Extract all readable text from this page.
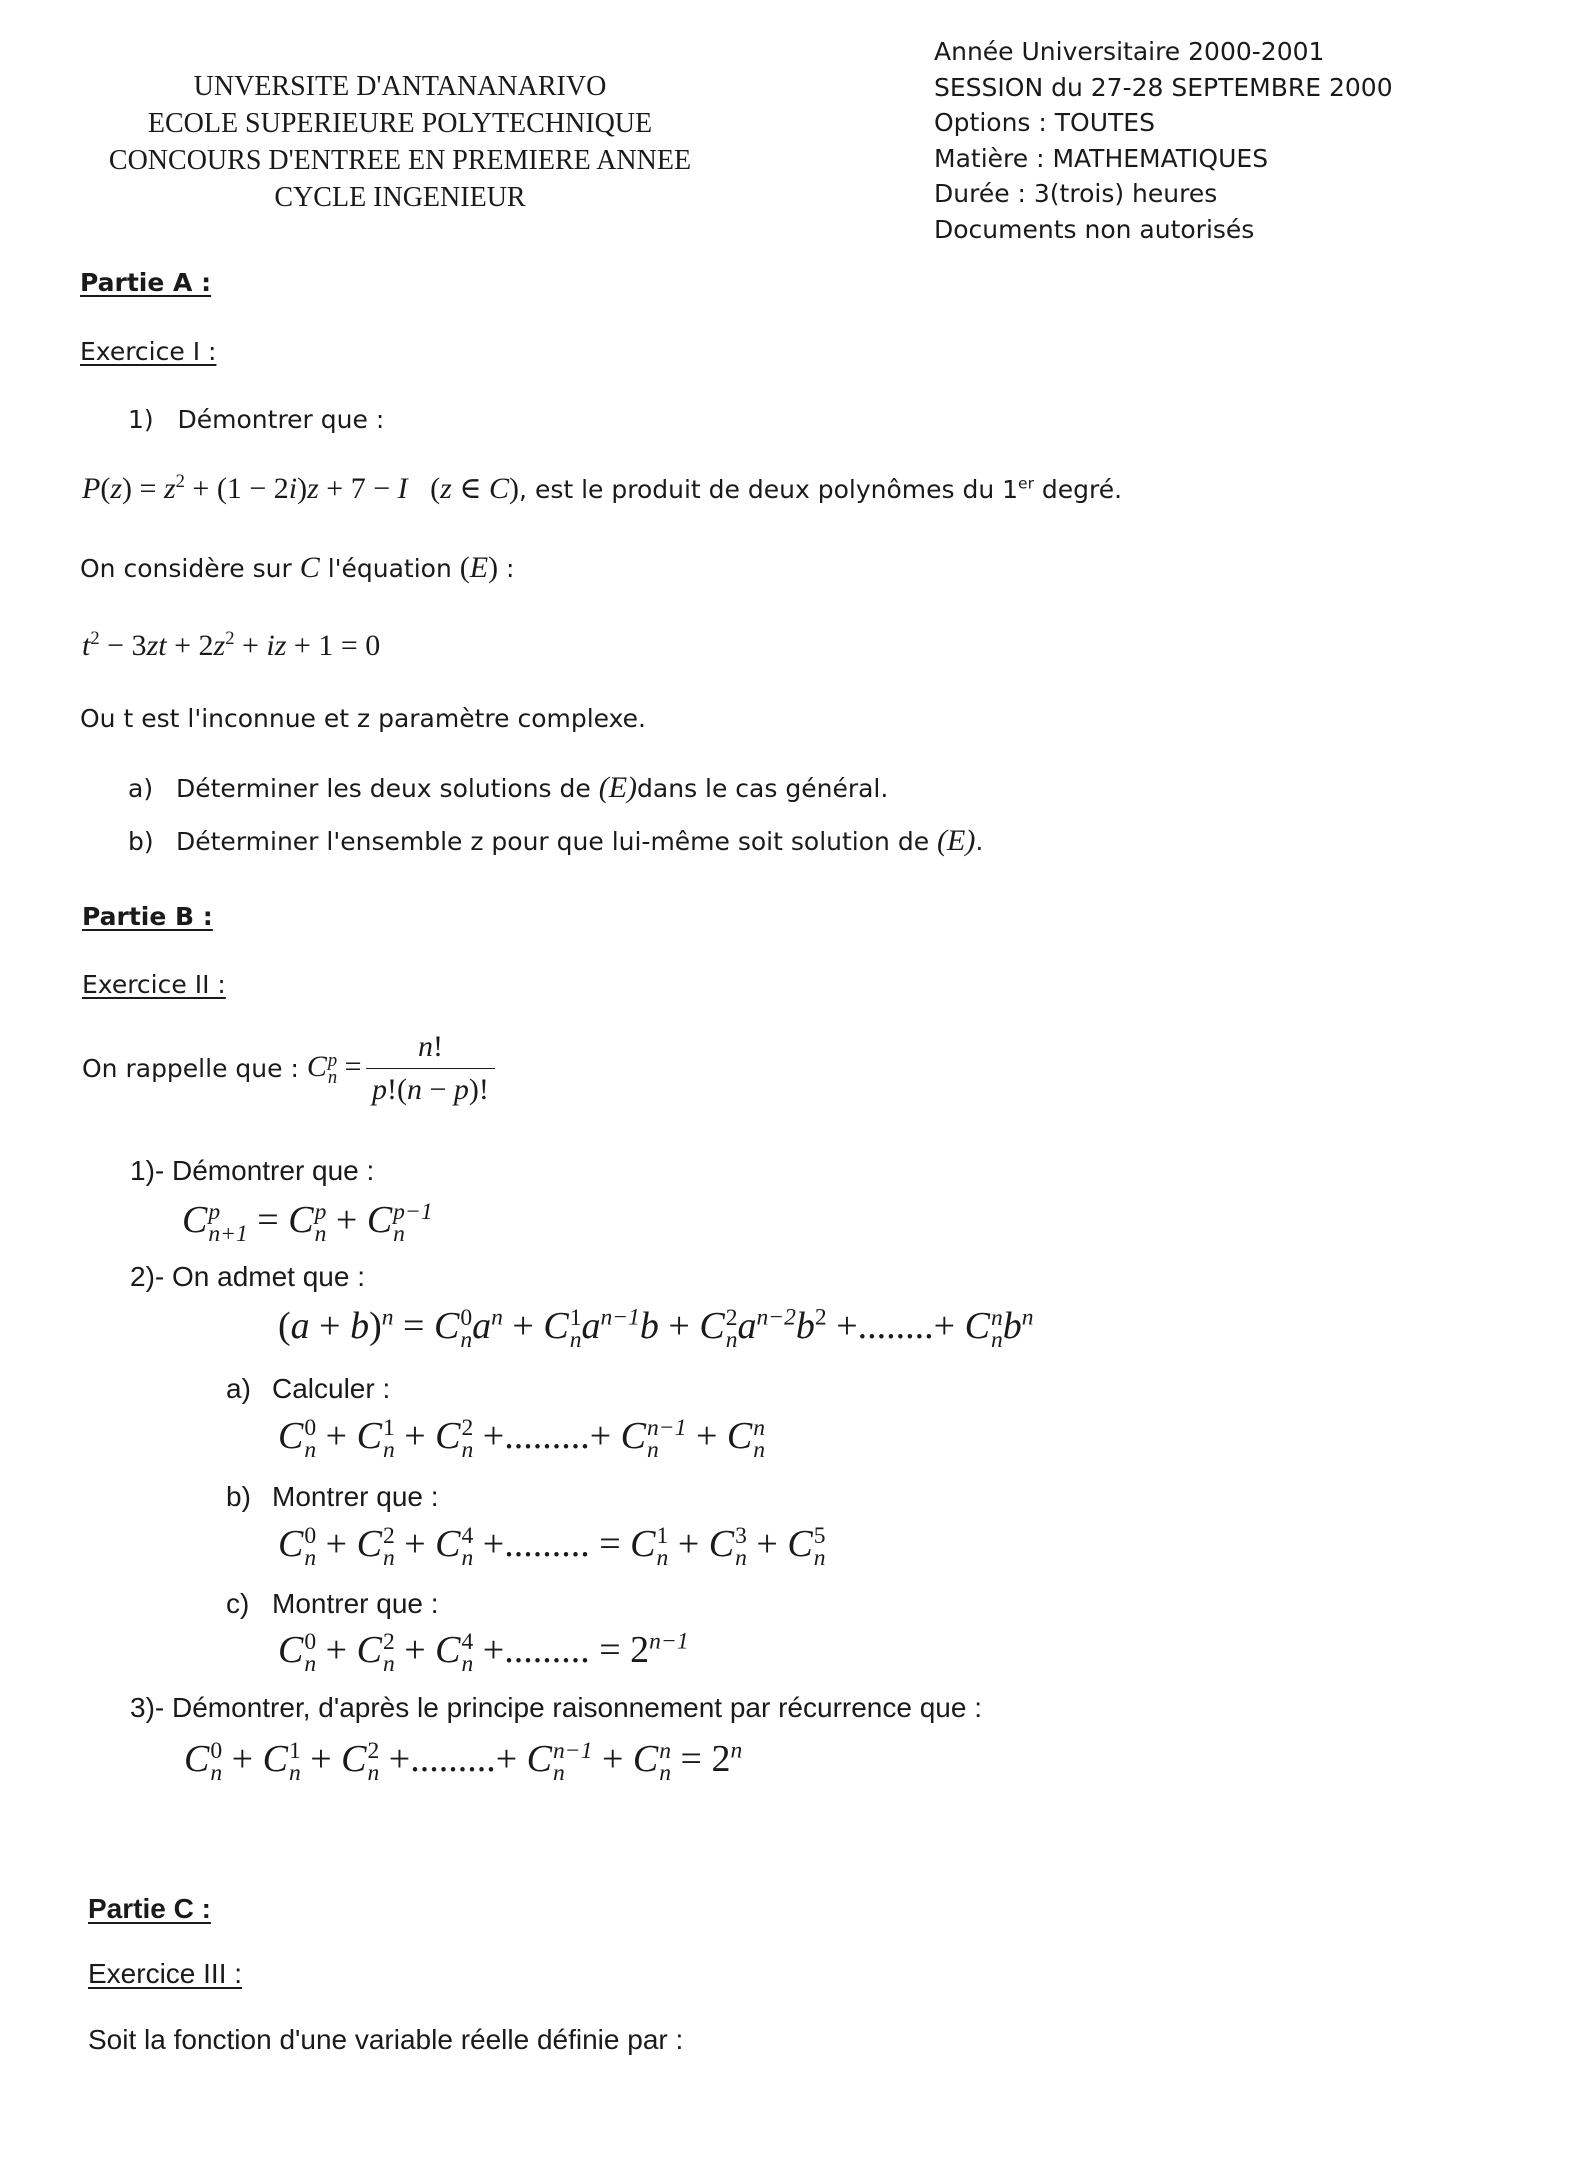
UNVERSITE D'ANTANANARIVO
ECOLE SUPERIEURE POLYTECHNIQUE
CONCOURS D'ENTREE EN PREMIERE ANNEE
CYCLE INGENIEUR
Année Universitaire 2000-2001
SESSION du 27-28 SEPTEMBRE 2000
Options : TOUTES
Matière : MATHEMATIQUES
Durée : 3(trois) heures
Documents non autorisés
Partie A :
Exercice I :
1) Démontrer que :
$P(z) = z^2 + (1 - 2i)z + 7 - I$   (z ∈ C), est le produit de deux polynômes du 1er degré.
On considère sur C l'équation (E) :
$t^2 - 3zt + 2z^2$ + iz + 1 = 0
Ou t est l'inconnue et z paramètre complexe.
a) Déterminer les deux solutions de (E)dans le cas général.
b) Déterminer l'ensemble z pour que lui-même soit solution de (E).
Partie B :
Exercice II :
On rappelle que : C p
$n = \frac{n!}{p!(n - p)!}$
1)- Démontrer que :
C p
n+1 = C p
n + C p−1
n
2)- On admet que :
$(a + b)^n = C$ 0
n $a^n + C$ 1
n $a^{n-1}b + C$ 2
n $a^{n-2}b^2$ +........+ C n
n $b^n$
a) Calculer :
C 0
n + C 1
n + C 2
n +.........+ C n−1
n + C n
n
b) Montrer que :
C 0
n + C 2
n + C 4
n +......... = C 1
n + C 3
n + C 5
n
c) Montrer que :
C 0
n + C 2
n + C 4
n +......... = $2^{n-1}$
3)- Démontrer, d'après le principe raisonnement par récurrence que :
C 0
n + C 1
n + C 2
n +.........+ C n−1
n + C n
$n = 2^n$
Partie C :
Exercice III :
Soit la fonction d'une variable réelle définie par :
